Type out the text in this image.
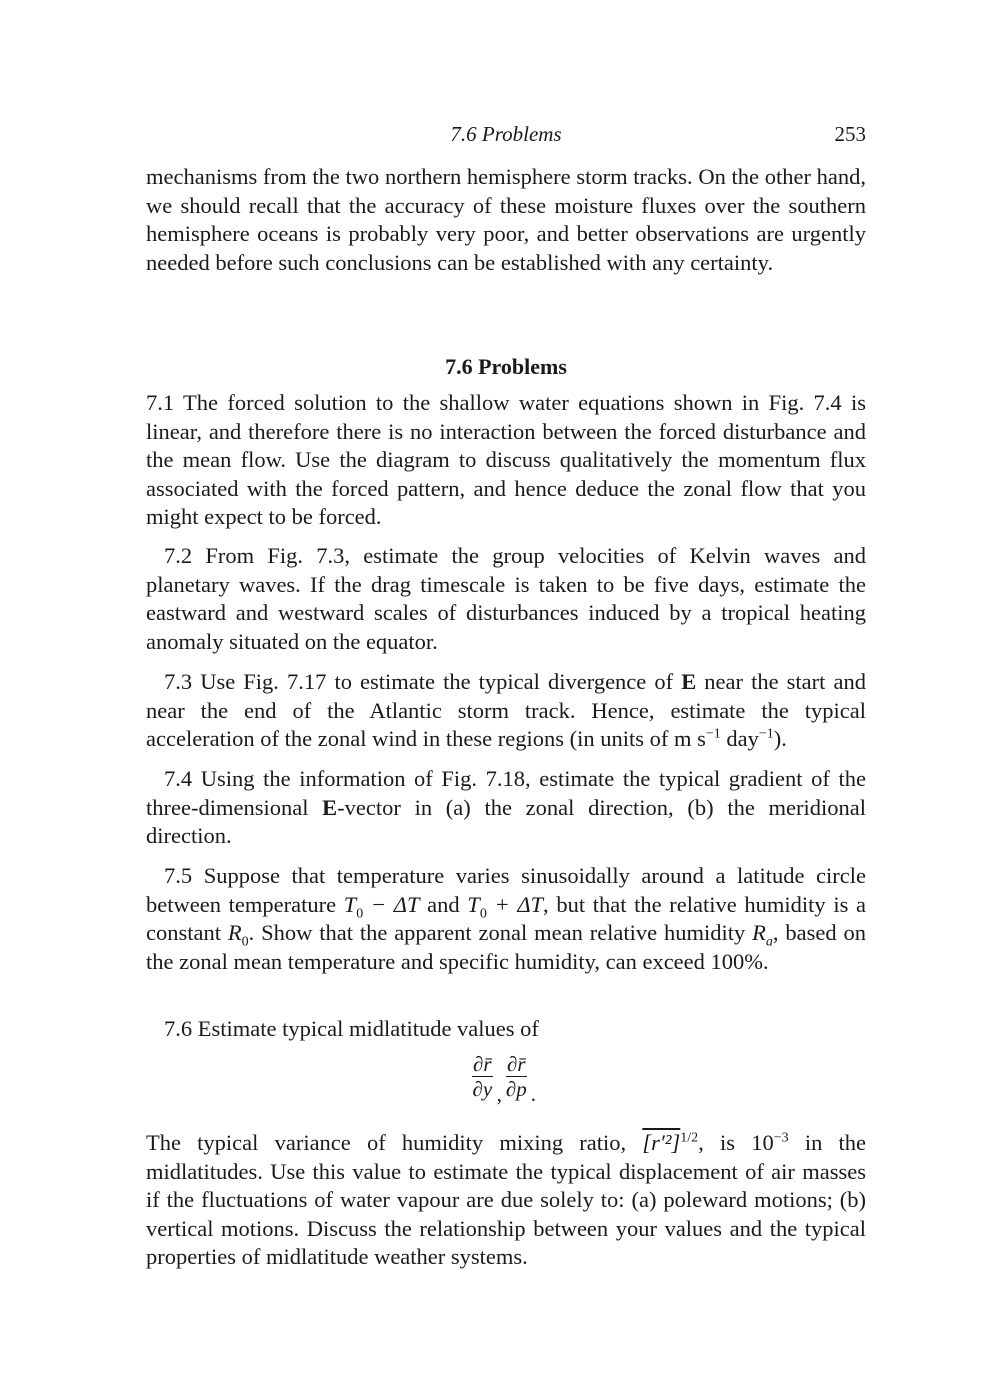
7.6 Problems	253

mechanisms from the two northern hemisphere storm tracks. On the other hand, we should recall that the accuracy of these moisture fluxes over the southern hemisphere oceans is probably very poor, and better observations are urgently needed before such conclusions can be established with any certainty.

7.6 Problems

7.1 The forced solution to the shallow water equations shown in Fig. 7.4 is linear, and therefore there is no interaction between the forced disturbance and the mean flow. Use the diagram to discuss qualitatively the momentum flux associated with the forced pattern, and hence deduce the zonal flow that you might expect to be forced.

7.2 From Fig. 7.3, estimate the group velocities of Kelvin waves and planetary waves. If the drag timescale is taken to be five days, estimate the eastward and westward scales of disturbances induced by a tropical heating anomaly situated on the equator.

7.3 Use Fig. 7.17 to estimate the typical divergence of E near the start and near the end of the Atlantic storm track. Hence, estimate the typical acceleration of the zonal wind in these regions (in units of m $s^{-1}$ day$^{-1}$).

7.4 Using the information of Fig. 7.18, estimate the typical gradient of the three-dimensional E-vector in (a) the zonal direction, (b) the meridional direction.

7.5 Suppose that temperature varies sinusoidally around a latitude circle between temperature $T_0 - \Delta T$ and $T_0 + \Delta T$, but that the relative humidity is a constant $R_0$. Show that the apparent zonal mean relative humidity $R_a$, based on the zonal mean temperature and specific humidity, can exceed 100%.

7.6 Estimate typical midlatitude values of

$\frac{\partial r̄}{\partial y}$ , $\frac{\partial r̄}{\partial p}$ .

The typical variance of humidity mixing ratio, $[r'^2]^{1/2}$, is $10^{-3}$ in the midlatitudes. Use this value to estimate the typical displacement of air masses if the fluctuations of water vapour are due solely to: (a) poleward motions; (b) vertical motions. Discuss the relationship between your values and the typical properties of midlatitude weather systems.
